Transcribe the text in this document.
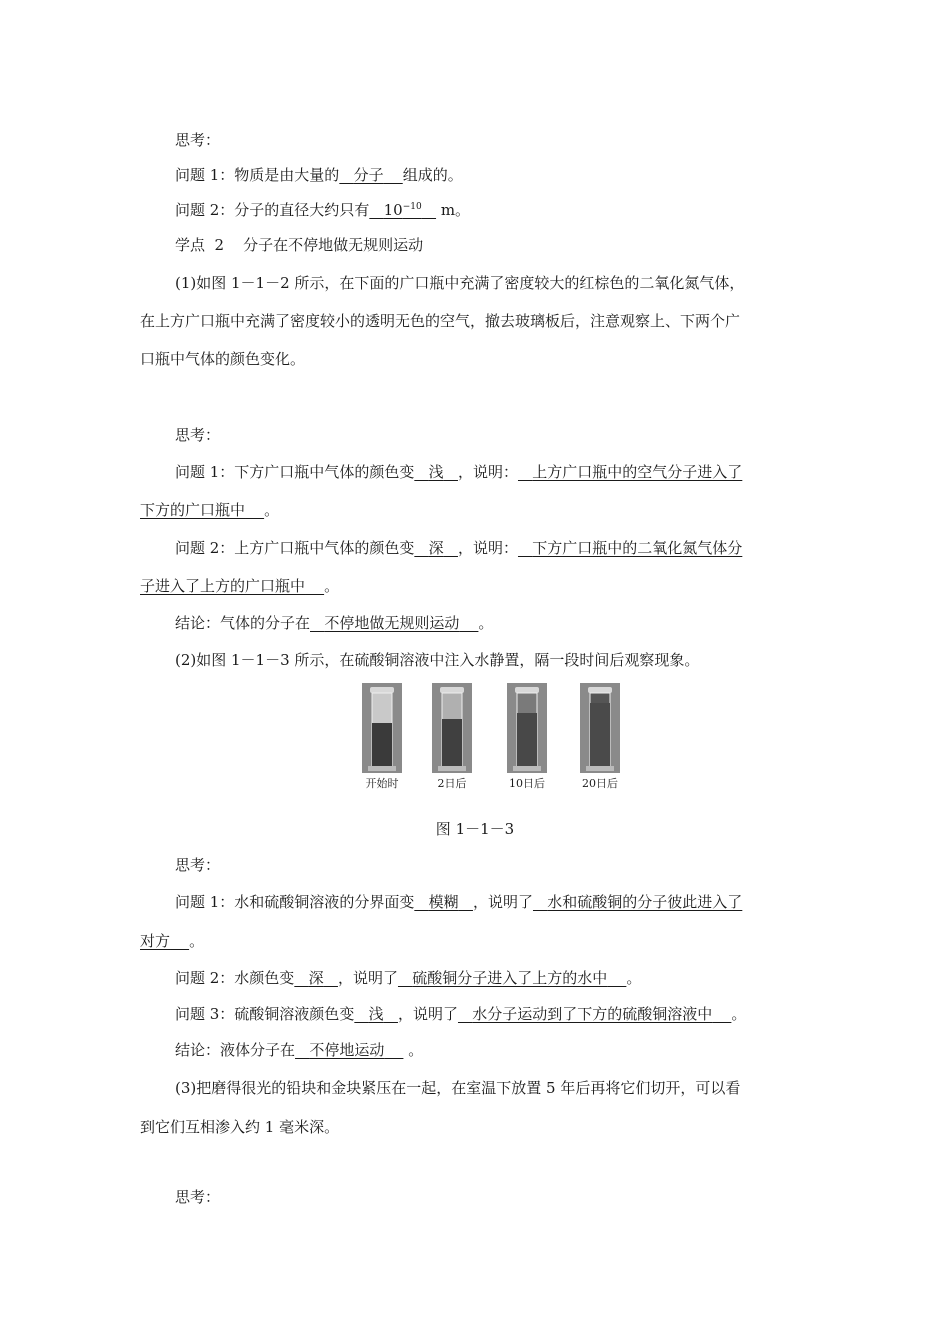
思考：
问题 1：物质是由大量的 分子 组成的。
问题 2：分子的直径大约只有 $10^{-10}$ m。
学点  2    分子在不停地做无规则运动
(1)如图 1－1－2 所示，在下面的广口瓶中充满了密度较大的红棕色的二氧化氮气体，
在上方广口瓶中充满了密度较小的透明无色的空气，撤去玻璃板后，注意观察上、下两个广
口瓶中气体的颜色变化。
思考：
问题 1：下方广口瓶中气体的颜色变 浅 ，说明： 上方广口瓶中的空气分子进入了
下方的广口瓶中 。
问题 2：上方广口瓶中气体的颜色变 深 ，说明： 下方广口瓶中的二氧化氮气体分
子进入了上方的广口瓶中 。
结论：气体的分子在 不停地做无规则运动 。
(2)如图 1－1－3 所示，在硫酸铜溶液中注入水静置，隔一段时间后观察现象。
开始时	2日后	10日后	20日后
图 1－1－3
思考：
问题 1：水和硫酸铜溶液的分界面变 模糊 ，说明了 水和硫酸铜的分子彼此进入了
对方 。
问题 2：水颜色变 深 ，说明了 硫酸铜分子进入了上方的水中 。
问题 3：硫酸铜溶液颜色变 浅 ，说明了 水分子运动到了下方的硫酸铜溶液中 。
结论：液体分子在 不停地运动 。
(3)把磨得很光的铅块和金块紧压在一起，在室温下放置 5 年后再将它们切开，可以看
到它们互相渗入约 1 毫米深。
思考：
